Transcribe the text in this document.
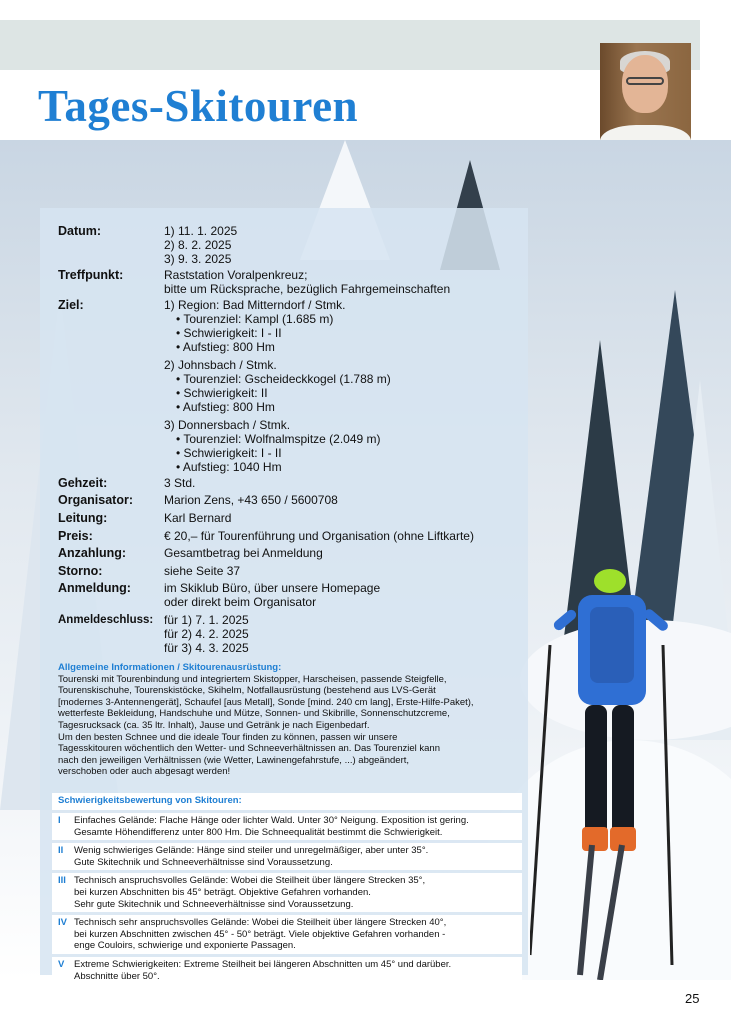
Tages-Skitouren
Datum:	1) 11. 1. 2025
2) 8. 2. 2025
3) 9. 3. 2025
Treffpunkt:	Raststation Voralpenkreuz;
bitte um Rücksprache, bezüglich Fahrgemeinschaften
Ziel:	1) Region: Bad Mitterndorf / Stmk.
• Tourenziel: Kampl (1.685 m)
• Schwierigkeit: I - II
• Aufstieg: 800 Hm
2) Johnsbach / Stmk.
• Tourenziel: Gscheideckkogel (1.788 m)
• Schwierigkeit: II
• Aufstieg: 800 Hm
3) Donnersbach / Stmk.
• Tourenziel: Wolfnalmspitze (2.049 m)
• Schwierigkeit: I - II
• Aufstieg: 1040 Hm
Gehzeit:	3 Std.
Organisator:	Marion Zens, +43 650 / 5600708
Leitung:	Karl Bernard
Preis:	€ 20,– für Tourenführung und Organisation (ohne Liftkarte)
Anzahlung:	Gesamtbetrag bei Anmeldung
Storno:	siehe Seite 37
Anmeldung:	im Skiklub Büro, über unsere Homepage
oder direkt beim Organisator
Anmeldeschluss: für 1) 7. 1. 2025
für 2) 4. 2. 2025
für 3) 4. 3. 2025
Allgemeine Informationen / Skitourenausrüstung:
Tourenski mit Tourenbindung und integriertem Skistopper, Harscheisen, passende Steigfelle,
Tourenskischuhe, Tourenskistöcke, Skihelm, Notfallausrüstung (bestehend aus LVS-Gerät
[modernes 3-Antennengerät], Schaufel [aus Metall], Sonde [mind. 240 cm lang], Erste-Hilfe-Paket),
wetterfeste Bekleidung, Handschuhe und Mütze, Sonnen- und Skibrille, Sonnenschutzcreme,
Tagesrucksack (ca. 35 ltr. Inhalt), Jause und Getränk je nach Eigenbedarf.
Um den besten Schnee und die ideale Tour finden zu können, passen wir unsere
Tagesskitouren wöchentlich den Wetter- und Schneeverhältnissen an. Das Tourenziel kann
nach den jeweiligen Verhältnissen (wie Wetter, Lawinengefahrstufe, ...) abgeändert,
verschoben oder auch abgesagt werden!
Schwierigkeitsbewertung von Skitouren:
I Einfaches Gelände: Flache Hänge oder lichter Wald. Unter 30° Neigung. Exposition ist gering.
Gesamte Höhendifferenz unter 800 Hm. Die Schneequalität bestimmt die Schwierigkeit.
II Wenig schwieriges Gelände: Hänge sind steiler und unregelmäßiger, aber unter 35°.
Gute Skitechnik und Schneeverhältnisse sind Voraussetzung.
III Technisch anspruchsvolles Gelände: Wobei die Steilheit über längere Strecken 35°,
bei kurzen Abschnitten bis 45° beträgt. Objektive Gefahren vorhanden.
Sehr gute Skitechnik und Schneeverhältnisse sind Voraussetzung.
IV Technisch sehr anspruchsvolles Gelände: Wobei die Steilheit über längere Strecken 40°,
bei kurzen Abschnitten zwischen 45° - 50° beträgt. Viele objektive Gefahren vorhanden -
enge Couloirs, schwierige und exponierte Passagen.
V Extreme Schwierigkeiten: Extreme Steilheit bei längeren Abschnitten um 45° und darüber.
Abschnitte über 50°.
25
